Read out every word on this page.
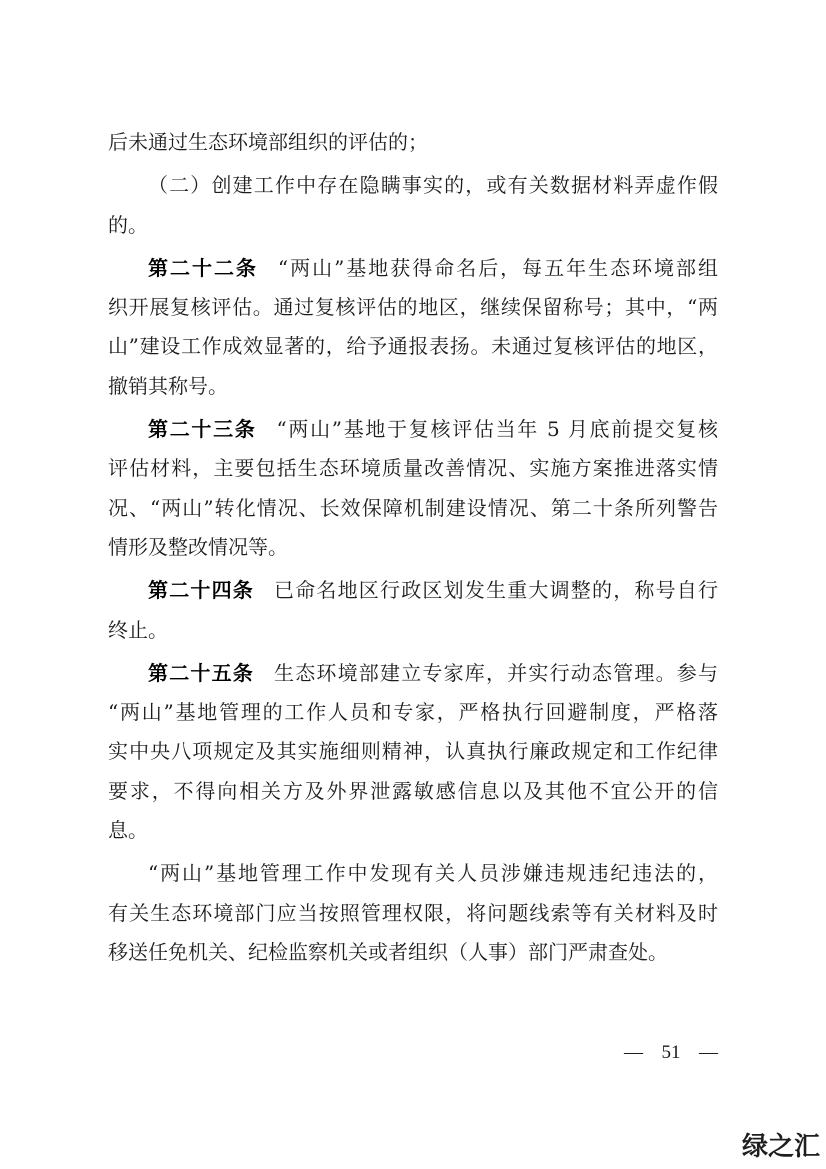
后未通过生态环境部组织的评估的；
（二）创建工作中存在隐瞒事实的，或有关数据材料弄虚作假
的。
第二十二条 “两山”基地获得命名后，每五年生态环境部组
织开展复核评估。通过复核评估的地区，继续保留称号；其中，“两
山”建设工作成效显著的，给予通报表扬。未通过复核评估的地区，
撤销其称号。
第二十三条 “两山”基地于复核评估当年 5 月底前提交复核
评估材料，主要包括生态环境质量改善情况、实施方案推进落实情
况、“两山”转化情况、长效保障机制建设情况、第二十条所列警告
情形及整改情况等。
第二十四条 已命名地区行政区划发生重大调整的，称号自行
终止。
第二十五条 生态环境部建立专家库，并实行动态管理。参与
“两山”基地管理的工作人员和专家，严格执行回避制度，严格落
实中央八项规定及其实施细则精神，认真执行廉政规定和工作纪律
要求，不得向相关方及外界泄露敏感信息以及其他不宜公开的信
息。
“两山”基地管理工作中发现有关人员涉嫌违规违纪违法的，
有关生态环境部门应当按照管理权限，将问题线索等有关材料及时
移送任免机关、纪检监察机关或者组织（人事）部门严肃查处。
— 51 —
绿之汇
